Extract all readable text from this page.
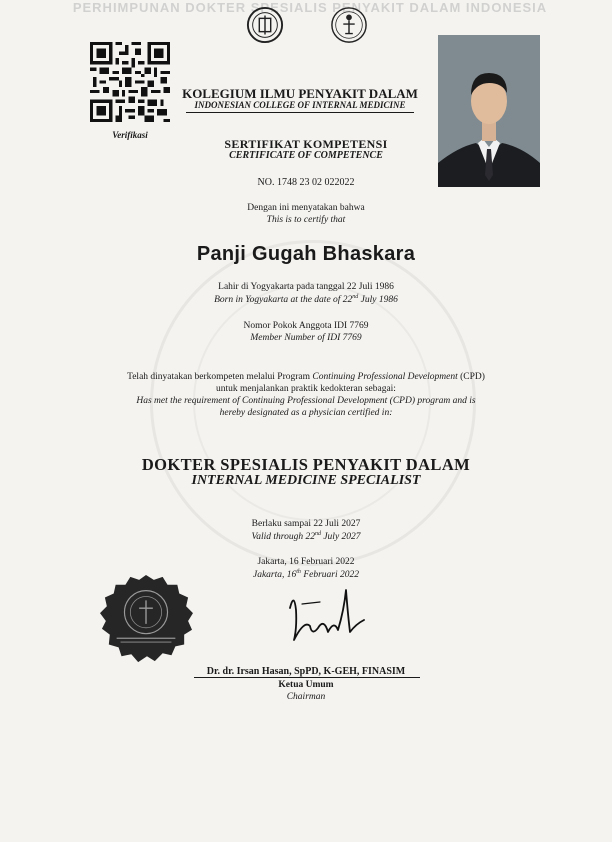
PERHIMPUNAN DOKTER SPESIALIS PENYAKIT DALAM INDONESIA
Verifikasi
KOLEGIUM ILMU PENYAKIT DALAM
INDONESIAN COLLEGE OF INTERNAL MEDICINE
SERTIFIKAT KOMPETENSI
CERTIFICATE OF COMPETENCE
NO. 1748 23 02 022022
Dengan ini menyatakan bahwa
This is to certify that
Panji Gugah Bhaskara
Lahir di Yogyakarta pada tanggal 22 Juli 1986
Born in Yogyakarta at the date of 22nd July 1986
Nomor Pokok Anggota IDI 7769
Member Number of IDI 7769
Telah dinyatakan berkompeten melalui Program Continuing Professional Development (CPD)
untuk menjalankan praktik kedokteran sebagai:
Has met the requirement of Continuing Professional Development (CPD) program and is
hereby designated as a physician certified in:
DOKTER SPESIALIS PENYAKIT DALAM
INTERNAL MEDICINE SPECIALIST
Berlaku sampai 22 Juli 2027
Valid through 22nd July 2027
Jakarta, 16 Februari 2022
Jakarta, 16th Februari 2022
Dr. dr. Irsan Hasan, SpPD, K-GEH, FINASIM
Ketua Umum
Chairman
